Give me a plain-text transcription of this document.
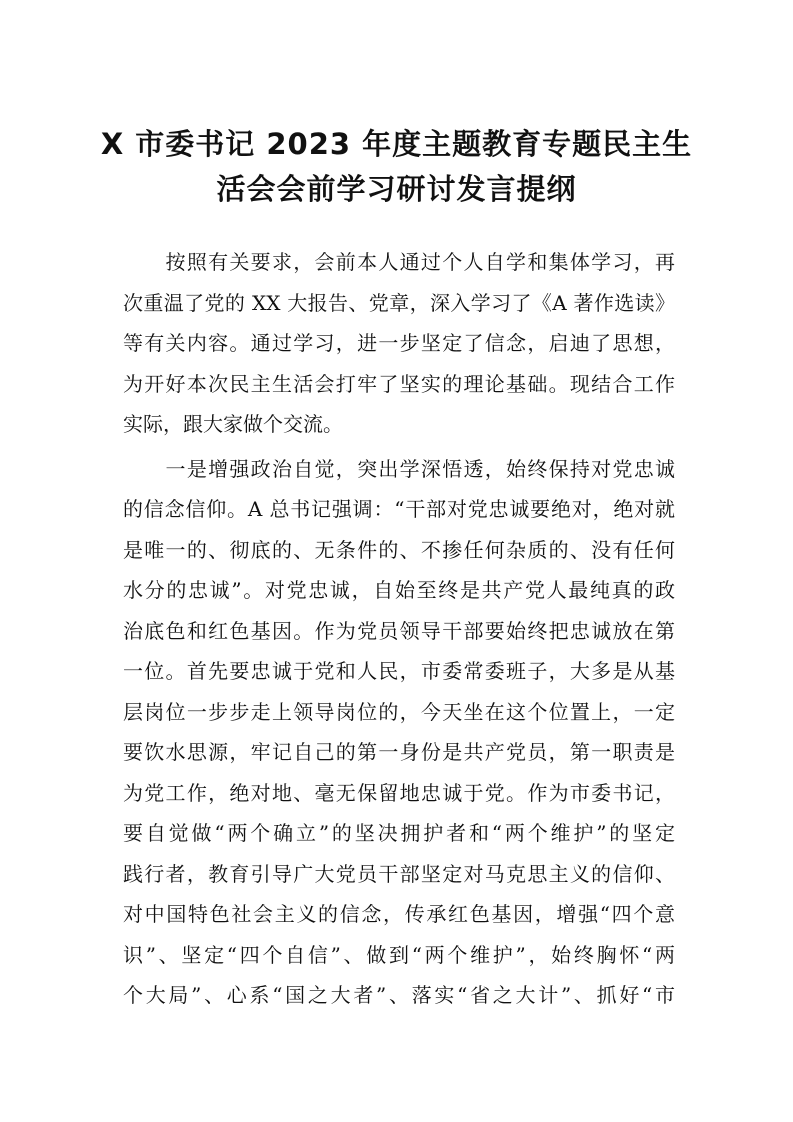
X 市委书记 2023 年度主题教育专题民主生
活会会前学习研讨发言提纲
　　按照有关要求，会前本人通过个人自学和集体学习，再
次重温了党的 XX 大报告、党章，深入学习了《A 著作选读》
等有关内容。通过学习，进一步坚定了信念，启迪了思想，
为开好本次民主生活会打牢了坚实的理论基础。现结合工作
实际，跟大家做个交流。
　　一是增强政治自觉，突出学深悟透，始终保持对党忠诚
的信念信仰。A 总书记强调：“干部对党忠诚要绝对，绝对就
是唯一的、彻底的、无条件的、不掺任何杂质的、没有任何
水分的忠诚”。对党忠诚，自始至终是共产党人最纯真的政
治底色和红色基因。作为党员领导干部要始终把忠诚放在第
一位。首先要忠诚于党和人民，市委常委班子，大多是从基
层岗位一步步走上领导岗位的，今天坐在这个位置上，一定
要饮水思源，牢记自己的第一身份是共产党员，第一职责是
为党工作，绝对地、毫无保留地忠诚于党。作为市委书记，
要自觉做“两个确立”的坚决拥护者和“两个维护”的坚定
践行者，教育引导广大党员干部坚定对马克思主义的信仰、
对中国特色社会主义的信念，传承红色基因，增强“四个意
识”、坚定“四个自信”、做到“两个维护”，始终胸怀“两
个大局”、心系“国之大者”、落实“省之大计”、抓好“市
